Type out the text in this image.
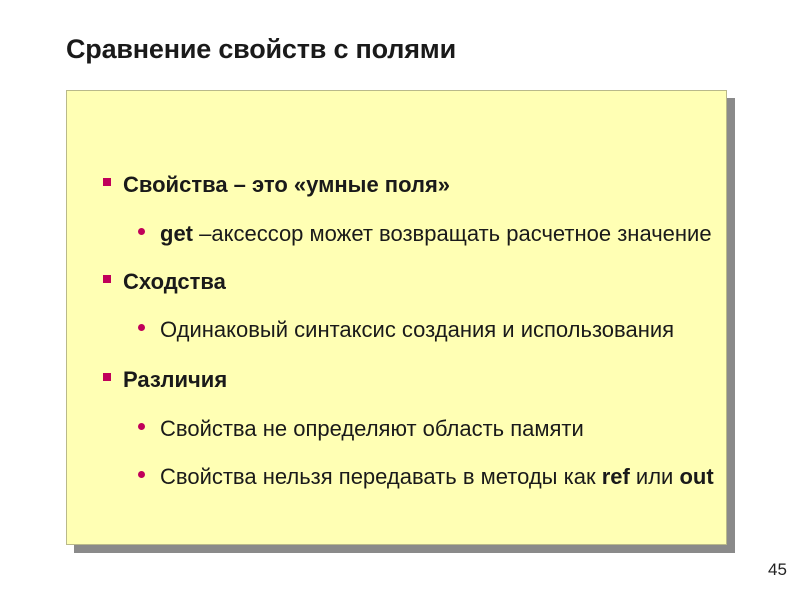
Сравнение свойств с полями
Свойства – это «умные поля»
get –аксессор может возвращать расчетное значение
Сходства
Одинаковый синтаксис создания и использования
Различия
Свойства не определяют область памяти
Свойства нельзя передавать в методы как ref или out
45
